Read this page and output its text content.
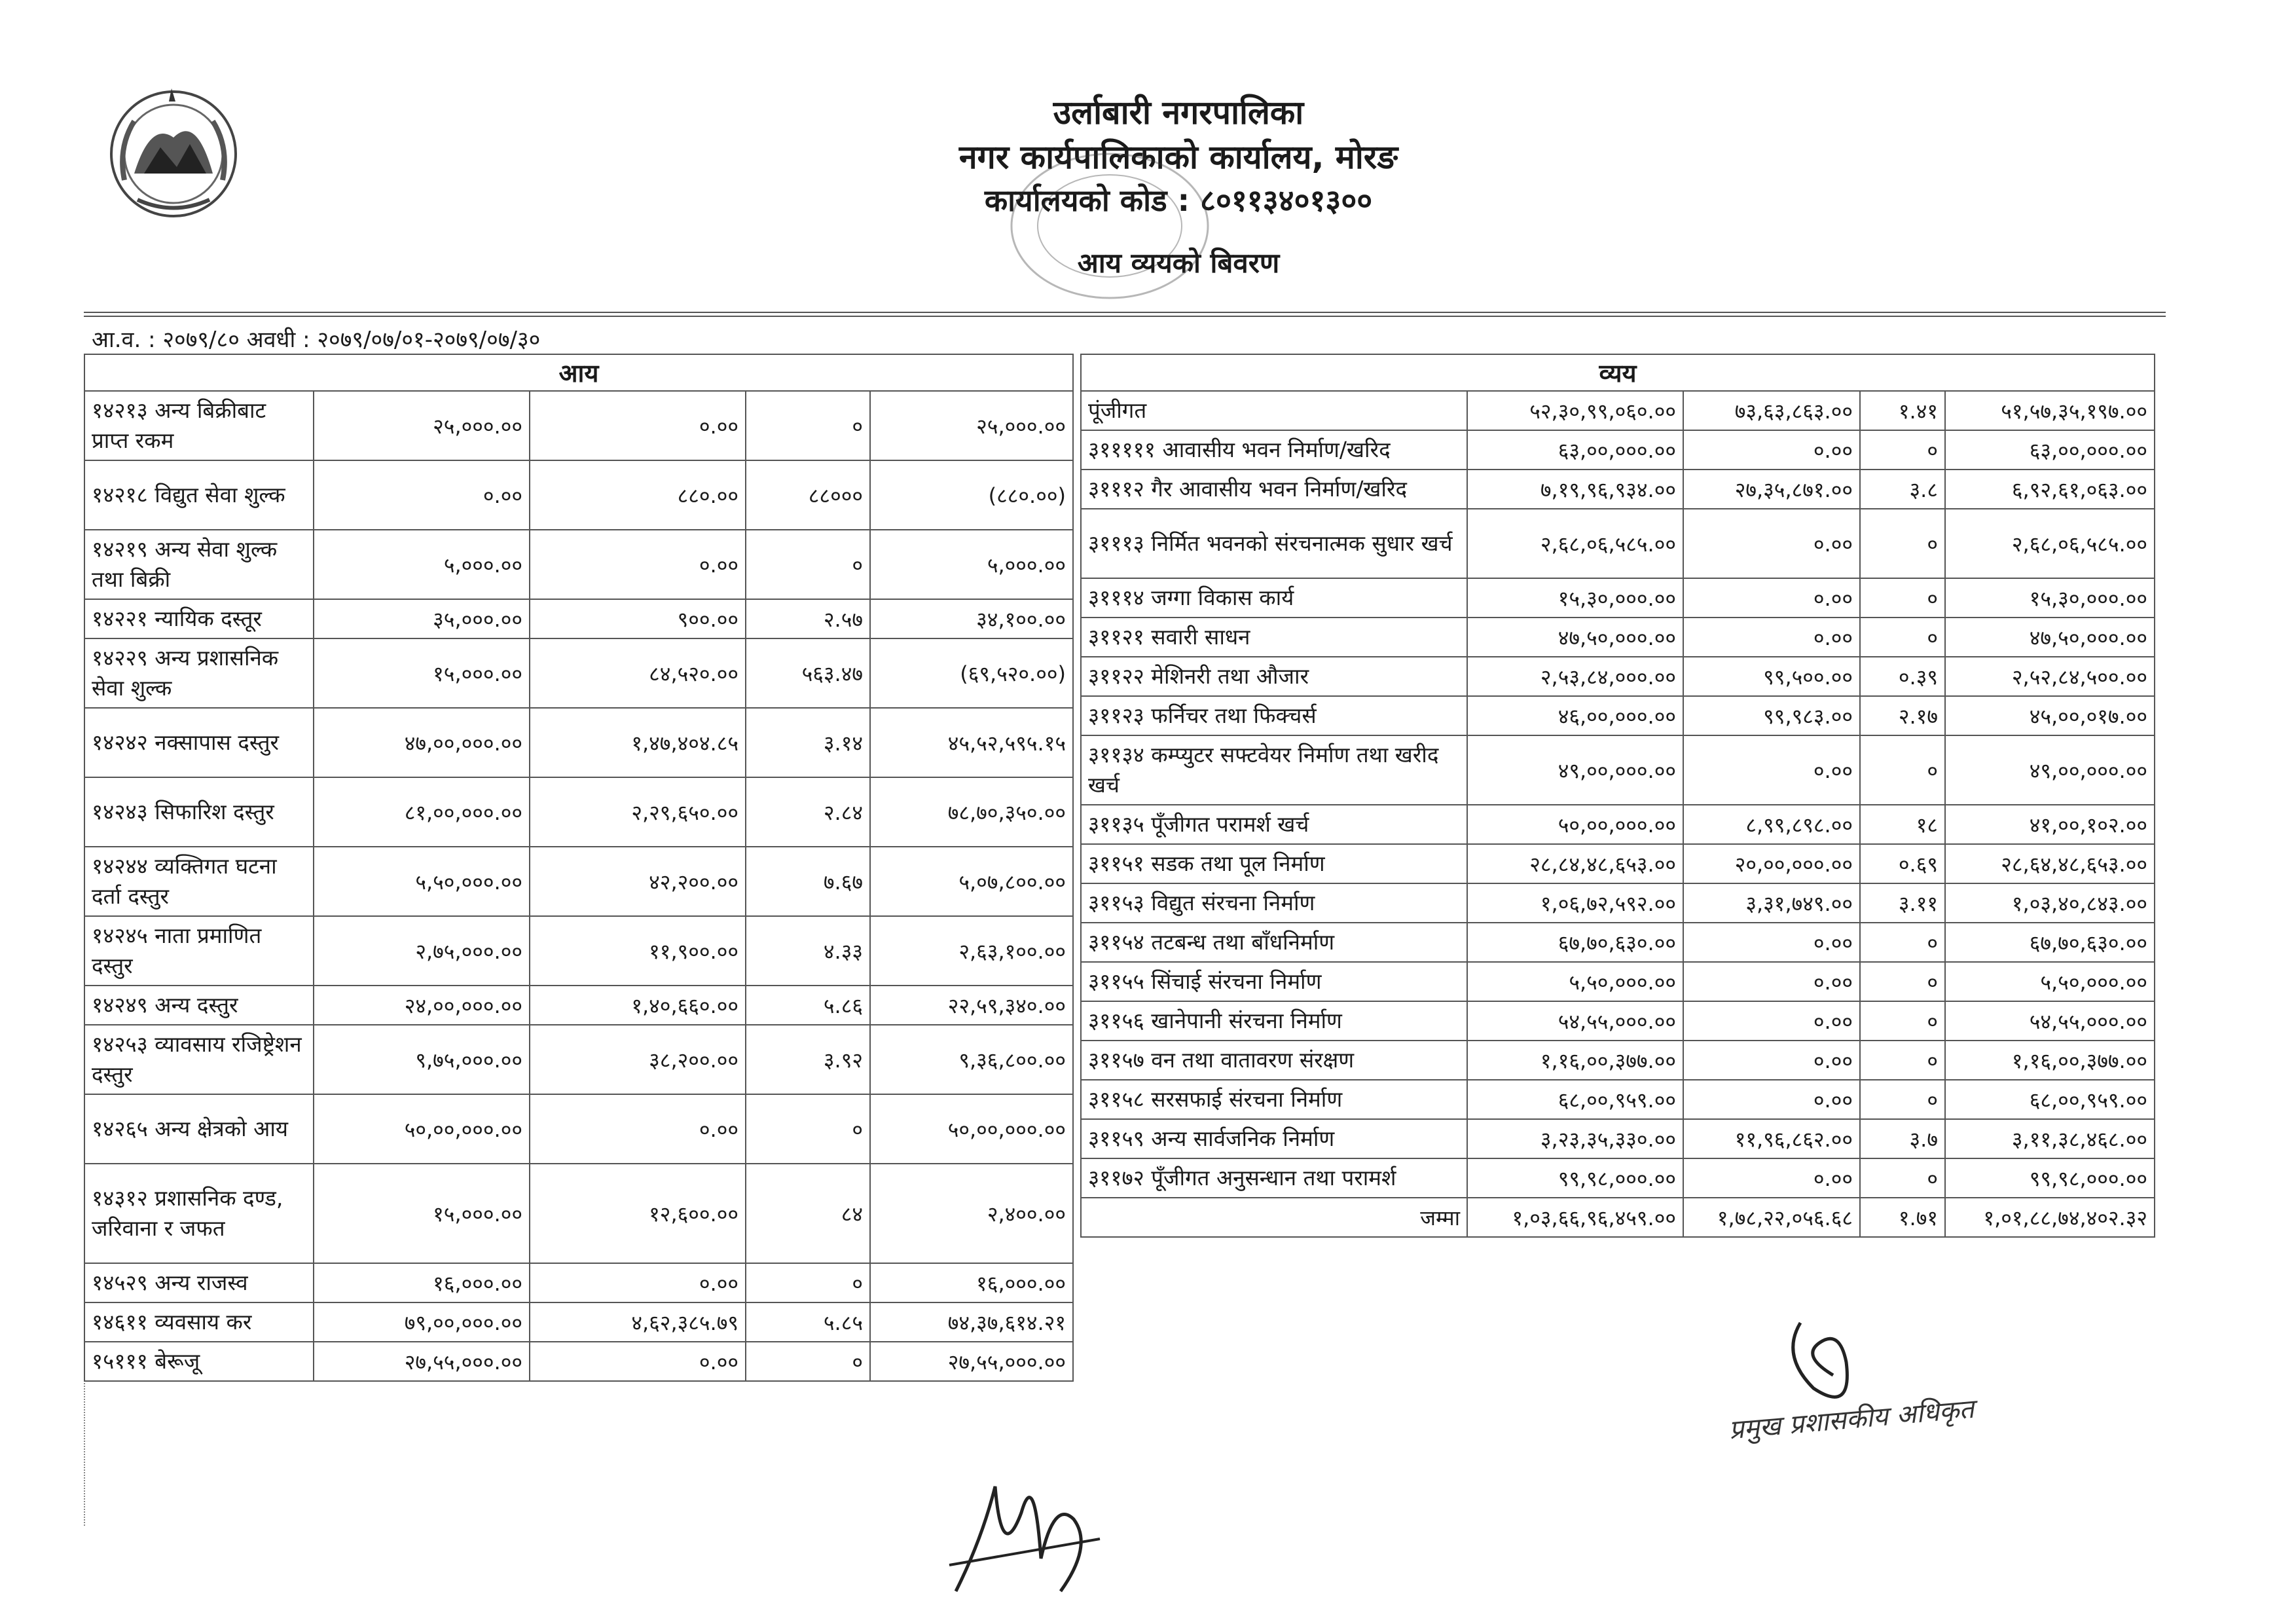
उर्लाबारी नगरपालिका
नगर कार्यपालिकाको कार्यालय, मोरङ
कार्यालयको कोड : ८०११३४०१३००
आय व्ययको बिवरण
आ.व. : २०७९/८० अवधी : २०७९/०७/०१-२०७९/०७/३०
आय				
१४२१३ अन्य बिक्रीबाट प्राप्त रकम	२५,०००.००	०.००	०	२५,०००.००
१४२१८ विद्युत सेवा शुल्क	०.००	८८०.००	८८०००	(८८०.००)
१४२१९ अन्य सेवा शुल्क तथा बिक्री	५,०००.००	०.००	०	५,०००.००
१४२२१ न्यायिक दस्तूर	३५,०००.००	९००.००	२.५७	३४,१००.००
१४२२९ अन्य प्रशासनिक सेवा शुल्क	१५,०००.००	८४,५२०.००	५६३.४७	(६९,५२०.००)
१४२४२ नक्सापास दस्तुर	४७,००,०००.००	१,४७,४०४.८५	३.१४	४५,५२,५९५.१५
१४२४३ सिफारिश दस्तुर	८१,००,०००.००	२,२९,६५०.००	२.८४	७८,७०,३५०.००
१४२४४ व्यक्तिगत घटना दर्ता दस्तुर	५,५०,०००.००	४२,२००.००	७.६७	५,०७,८००.००
१४२४५ नाता प्रमाणित दस्तुर	२,७५,०००.००	११,९००.००	४.३३	२,६३,१००.००
१४२४९ अन्य दस्तुर	२४,००,०००.००	१,४०,६६०.००	५.८६	२२,५९,३४०.००
१४२५३ व्यावसाय रजिष्ट्रेशन दस्तुर	९,७५,०००.००	३८,२००.००	३.९२	९,३६,८००.००
१४२६५ अन्य क्षेत्रको आय	५०,००,०००.००	०.००	०	५०,००,०००.००
१४३१२ प्रशासनिक दण्ड, जरिवाना र जफत	१५,०००.००	१२,६००.००	८४	२,४००.००
१४५२९ अन्य राजस्व	१६,०००.००	०.००	०	१६,०००.००
१४६११ व्यवसाय कर	७९,००,०००.००	४,६२,३८५.७९	५.८५	७४,३७,६१४.२१
१५१११ बेरूजू	२७,५५,०००.००	०.००	०	२७,५५,०००.००
व्यय				
पूंजीगत	५२,३०,९९,०६०.००	७३,६३,८६३.००	१.४१	५१,५७,३५,१९७.००
३१११११ आवासीय भवन निर्माण/खरिद	६३,००,०००.००	०.००	०	६३,००,०००.००
३१११२ गैर आवासीय भवन निर्माण/खरिद	७,१९,९६,९३४.००	२७,३५,८७१.००	३.८	६,९२,६१,०६३.००
३१११३ निर्मित भवनको संरचनात्मक सुधार खर्च	२,६८,०६,५८५.००	०.००	०	२,६८,०६,५८५.००
३१११४ जग्गा विकास कार्य	१५,३०,०००.००	०.००	०	१५,३०,०००.००
३११२१ सवारी साधन	४७,५०,०००.००	०.००	०	४७,५०,०००.००
३११२२ मेशिनरी तथा औजार	२,५३,८४,०००.००	९९,५००.००	०.३९	२,५२,८४,५००.००
३११२३ फर्निचर तथा फिक्चर्स	४६,००,०००.००	९९,९८३.००	२.१७	४५,००,०१७.००
३११३४ कम्प्युटर सफ्टवेयर निर्माण तथा खरीद खर्च	४९,००,०००.००	०.००	०	४९,००,०००.००
३११३५ पूँजीगत परामर्श खर्च	५०,००,०००.००	८,९९,८९८.००	१८	४१,००,१०२.००
३११५१ सडक तथा पूल निर्माण	२८,८४,४८,६५३.००	२०,००,०००.००	०.६९	२८,६४,४८,६५३.००
३११५३ विद्युत संरचना निर्माण	१,०६,७२,५९२.००	३,३१,७४९.००	३.११	१,०३,४०,८४३.००
३११५४ तटबन्ध तथा बाँधनिर्माण	६७,७०,६३०.००	०.००	०	६७,७०,६३०.००
३११५५ सिंचाई संरचना निर्माण	५,५०,०००.००	०.००	०	५,५०,०००.००
३११५६ खानेपानी संरचना निर्माण	५४,५५,०००.००	०.००	०	५४,५५,०००.००
३११५७ वन तथा वातावरण संरक्षण	१,१६,००,३७७.००	०.००	०	१,१६,००,३७७.००
३११५८ सरसफाई संरचना निर्माण	६८,००,९५९.००	०.००	०	६८,००,९५९.००
३११५९ अन्य सार्वजनिक निर्माण	३,२३,३५,३३०.००	११,९६,८६२.००	३.७	३,११,३८,४६८.००
३११७२ पूँजीगत अनुसन्धान तथा परामर्श	९९,९८,०००.००	०.००	०	९९,९८,०००.००
जम्मा	१,०३,६६,९६,४५९.००	१,७८,२२,०५६.६८	१.७१	१,०१,८८,७४,४०२.३२
प्रमुख प्रशासकीय अधिकृत
